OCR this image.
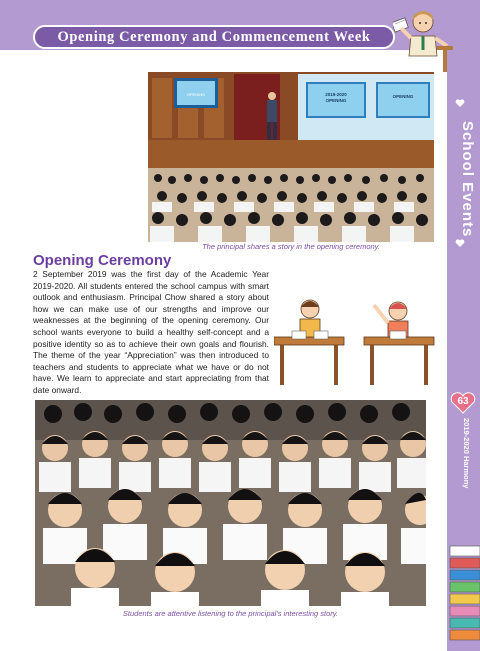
Opening Ceremony and Commencement Week
School Events
63
2019-2020 Harmony
OPENING	2019-2020
OPENING
OPENING
The principal shares a story in the opening ceremony.
Opening Ceremony
2 September 2019 was the first day of the Academic Year 2019-2020. All students entered the school campus with smart outlook and enthusiasm. Principal Chow shared a story about how we can make use of our strengths and improve our weaknesses at the beginning of the opening ceremony. Our school wants everyone to build a healthy self-concept and a positive identity so as to achieve their own goals and flourish. The theme of the year “Appreciation” was then introduced to teachers and students to appreciate what we have or do not have. We learn to appreciate and start appreciating from that date onward.
Students are attentive listening to the principal's interesting story.
